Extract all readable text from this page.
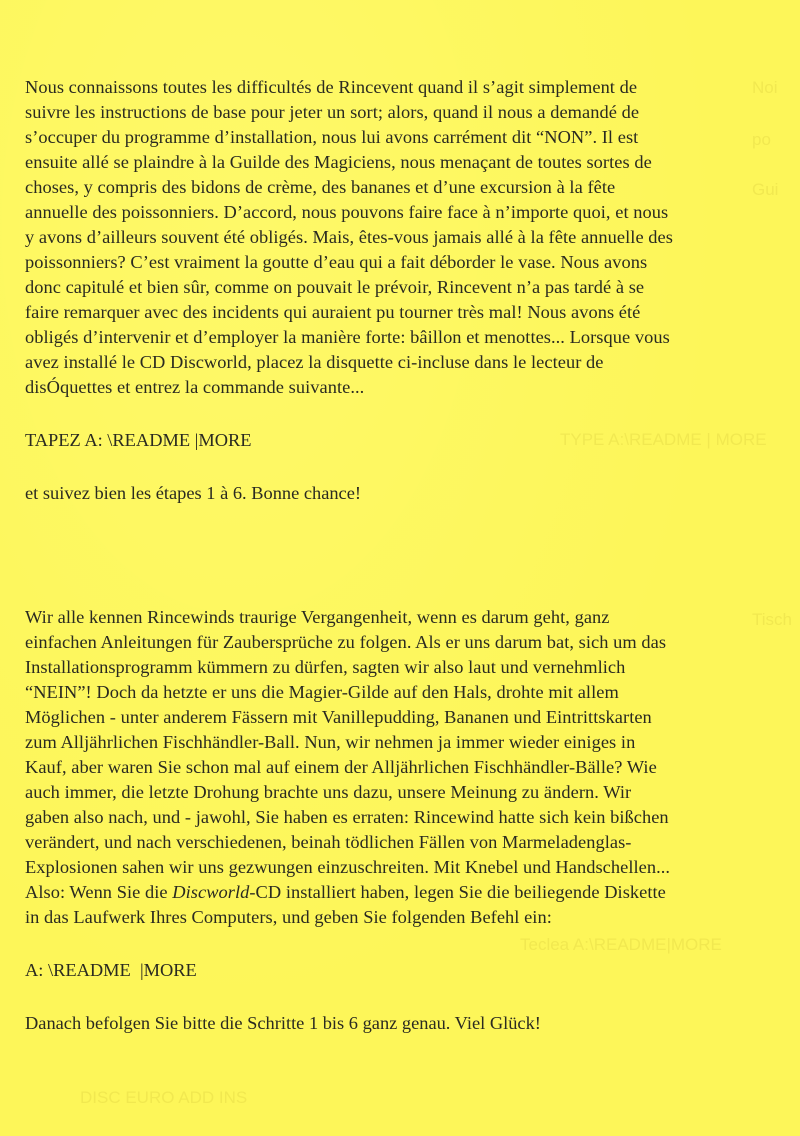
Noi
po
Gui
TYPE A:\README | MORE
Tisch
Teclea A:\README|MORE
DISC EURO ADD INS
Nous connaissons toutes les difficultés de Rincevent quand il s’agit simplement de
suivre les instructions de base pour jeter un sort; alors, quand il nous a demandé de
s’occuper du programme d’installation, nous lui avons carrément dit “NON”. Il est
ensuite allé se plaindre à la Guilde des Magiciens, nous menaçant de toutes sortes de
choses, y compris des bidons de crème, des bananes et d’une excursion à la fête
annuelle des poissonniers. D’accord, nous pouvons faire face à n’importe quoi, et nous
y avons d’ailleurs souvent été obligés. Mais, êtes-vous jamais allé à la fête annuelle des
poissonniers? C’est vraiment la goutte d’eau qui a fait déborder le vase. Nous avons
donc capitulé et bien sûr, comme on pouvait le prévoir, Rincevent n’a pas tardé à se
faire remarquer avec des incidents qui auraient pu tourner très mal! Nous avons été
obligés d’intervenir et d’employer la manière forte: bâillon et menottes... Lorsque vous
avez installé le CD Discworld, placez la disquette ci-incluse dans le lecteur de
disÓquettes et entrez la commande suivante...
TAPEZ A: \README |MORE
et suivez bien les étapes 1 à 6. Bonne chance!
Wir alle kennen Rincewinds traurige Vergangenheit, wenn es darum geht, ganz
einfachen Anleitungen für Zaubersprüche zu folgen. Als er uns darum bat, sich um das
Installationsprogramm kümmern zu dürfen, sagten wir also laut und vernehmlich
“NEIN”! Doch da hetzte er uns die Magier-Gilde auf den Hals, drohte mit allem
Möglichen - unter anderem Fässern mit Vanillepudding, Bananen und Eintrittskarten
zum Alljährlichen Fischhändler-Ball. Nun, wir nehmen ja immer wieder einiges in
Kauf, aber waren Sie schon mal auf einem der Alljährlichen Fischhändler-Bälle? Wie
auch immer, die letzte Drohung brachte uns dazu, unsere Meinung zu ändern. Wir
gaben also nach, und - jawohl, Sie haben es erraten: Rincewind hatte sich kein bißchen
verändert, und nach verschiedenen, beinah tödlichen Fällen von Marmeladenglas-
Explosionen sahen wir uns gezwungen einzuschreiten. Mit Knebel und Handschellen...
Also: Wenn Sie die Discworld-CD installiert haben, legen Sie die beiliegende Diskette
in das Laufwerk Ihres Computers, und geben Sie folgenden Befehl ein:
A: \README  |MORE
Danach befolgen Sie bitte die Schritte 1 bis 6 ganz genau. Viel Glück!
